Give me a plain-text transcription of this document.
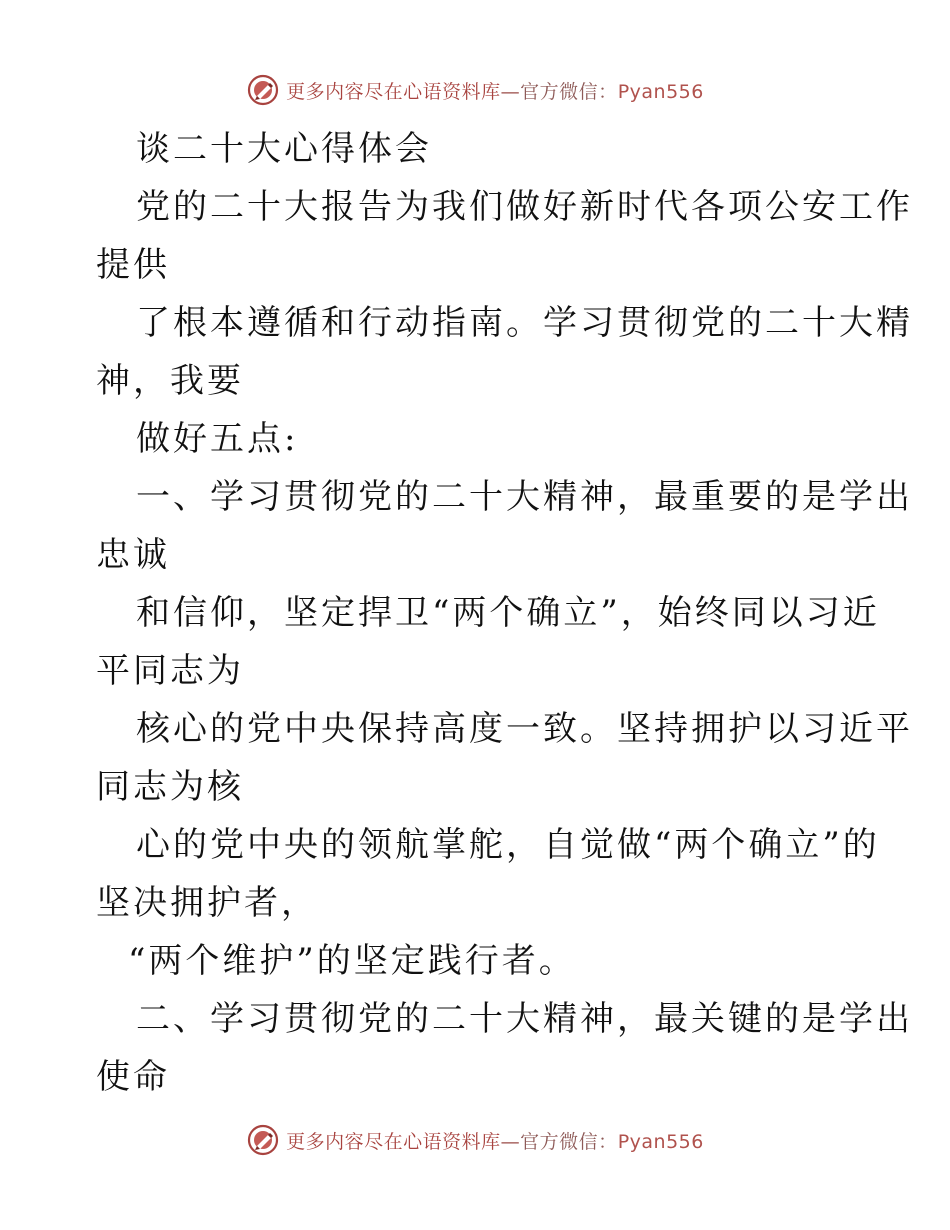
更多内容尽在心语资料库—官方微信：Pyan556
谈二十大心得体会
党的二十大报告为我们做好新时代各项公安工作
提供
了根本遵循和行动指南。学习贯彻党的二十大精
神，我要
做好五点:
一、学习贯彻党的二十大精神，最重要的是学出
忠诚
和信仰，坚定捍卫“两个确立”，始终同以习近
平同志为
核心的党中央保持高度一致。坚持拥护以习近平
同志为核
心的党中央的领航掌舵，自觉做“两个确立”的
坚决拥护者，
“两个维护”的坚定践行者。
二、学习贯彻党的二十大精神，最关键的是学出
使命
更多内容尽在心语资料库—官方微信：Pyan556
